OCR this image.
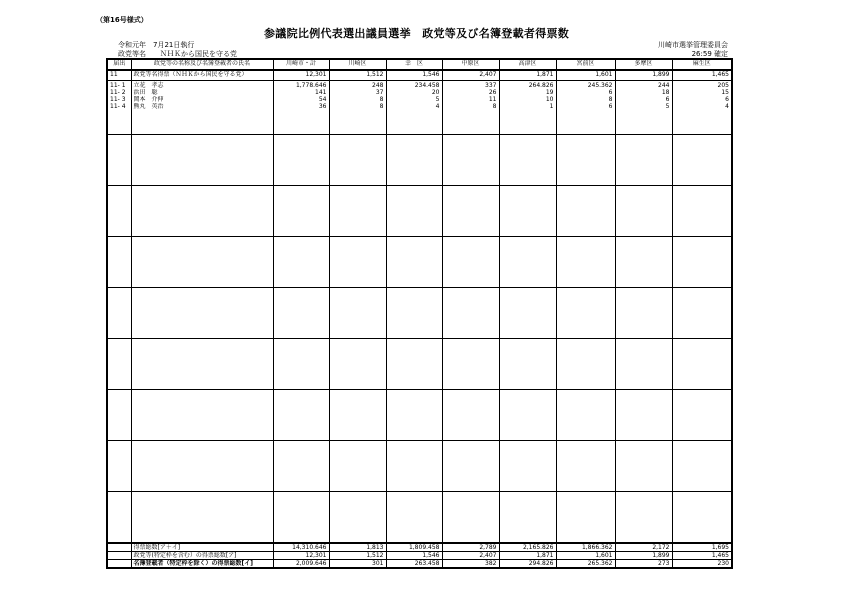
（第16号様式）
参議院比例代表選出議員選挙　政党等及び名簿登載者得票数
令和元年　7月21日執行	川崎市選挙管理委員会
政党等名　　ＮＨＫから国民を守る党	26:59 確定
届出	政党等の名称及び名簿登載者の氏名	川崎市・計	川崎区	幸　区	中原区	高津区	宮前区	多摩区	麻生区
11	政党等名得票（ＮＨＫから国民を守る党）	12,301	1,512	1,546	2,407	1,871	1,601	1,899	1,465
11- 1	立花　孝志	1,778.646	248	234.458	337	264.826	245.362	244	205
11- 2	浜田　聡	141	37	20	26	19	6	18	15
11- 3	岡本　介伸	54	8	5	11	10	8	6	6
11- 4	熊丸　英治	36	8	4	8	1	6	5	4

	得票総数[ア＋イ]	14,310.646	1,813	1,809.458	2,789	2,165.826	1,866.362	2,172	1,695
	政党等(特定枠を含む）の得票総数[ア]	12,301	1,512	1,546	2,407	1,871	1,601	1,899	1,465
	名簿登載者（特定枠を除く）の得票総数[イ]	2,009.646	301	263.458	382	294.826	265.362	273	230
